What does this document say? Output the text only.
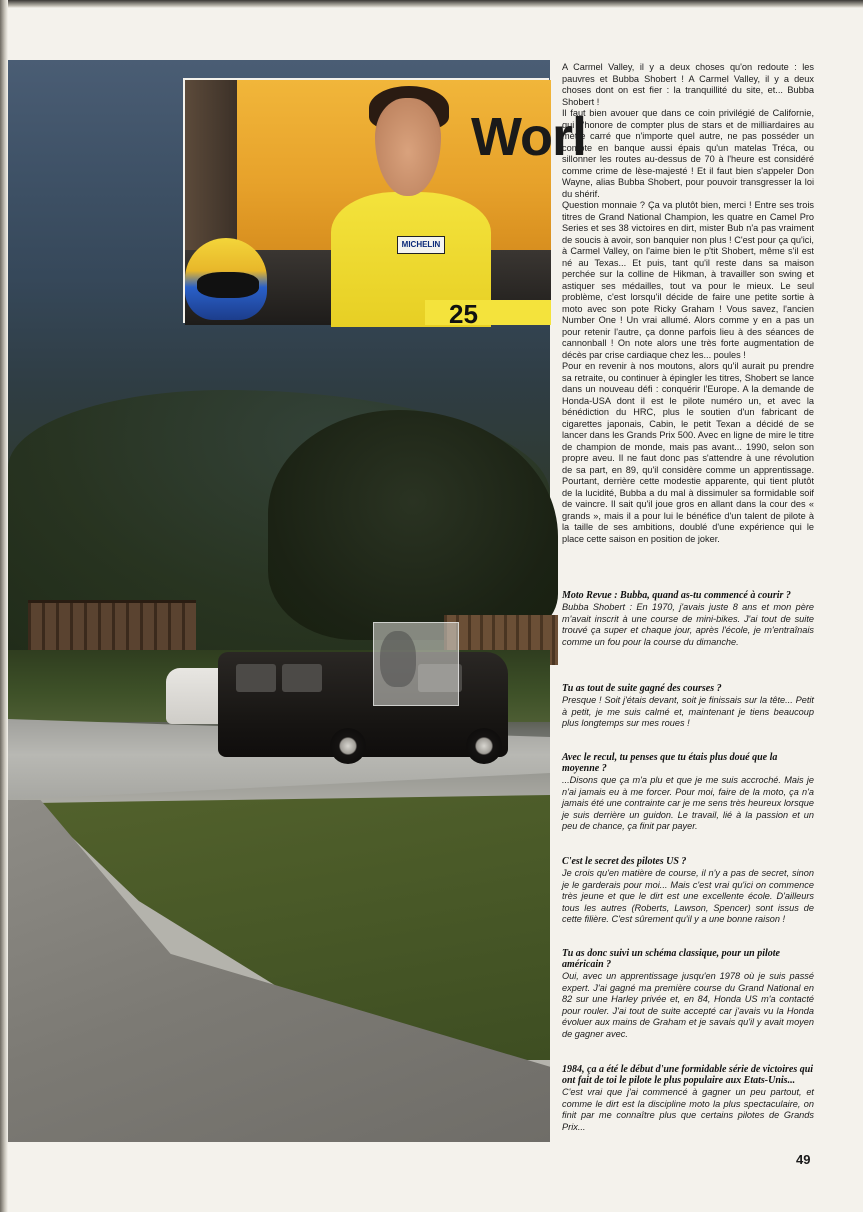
Worl
MICHELIN
25

A Carmel Valley, il y a deux choses qu'on redoute : les pauvres et Bubba Shobert ! A Carmel Valley, il y a deux choses dont on est fier : la tranquillité du site, et... Bubba Shobert !

Il faut bien avouer que dans ce coin privilégié de Californie, qui s'honore de compter plus de stars et de milliardaires au mètre carré que n'importe quel autre, ne pas posséder un compte en banque aussi épais qu'un matelas Tréca, ou sillonner les routes au-dessus de 70 à l'heure est considéré comme crime de lèse-majesté ! Et il faut bien s'appeler Don Wayne, alias Bubba Shobert, pour pouvoir transgresser la loi du shérif.

Question monnaie ? Ça va plutôt bien, merci ! Entre ses trois titres de Grand National Champion, les quatre en Camel Pro Series et ses 38 victoires en dirt, mister Bub n'a pas vraiment de soucis à avoir, son banquier non plus ! C'est pour ça qu'ici, à Carmel Valley, on l'aime bien le p'tit Shobert, même s'il est né au Texas... Et puis, tant qu'il reste dans sa maison perchée sur la colline de Hikman, à travailler son swing et astiquer ses médailles, tout va pour le mieux. Le seul problème, c'est lorsqu'il décide de faire une petite sortie à moto avec son pote Ricky Graham ! Vous savez, l'ancien Number One ! Un vrai allumé. Alors comme y en a pas un pour retenir l'autre, ça donne parfois lieu à des séances de cannonball ! On note alors une très forte augmentation de décès par crise cardiaque chez les... poules !

Pour en revenir à nos moutons, alors qu'il aurait pu prendre sa retraite, ou continuer à épingler les titres, Shobert se lance dans un nouveau défi : conquérir l'Europe. A la demande de Honda-USA dont il est le pilote numéro un, et avec la bénédiction du HRC, plus le soutien d'un fabricant de cigarettes japonais, Cabin, le petit Texan a décidé de se lancer dans les Grands Prix 500. Avec en ligne de mire le titre de champion de monde, mais pas avant... 1990, selon son propre aveu. Il ne faut donc pas s'attendre à une révolution de sa part, en 89, qu'il considère comme un apprentissage. Pourtant, derrière cette modestie apparente, qui tient plutôt de la lucidité, Bubba a du mal à dissimuler sa formidable soif de vaincre. Il sait qu'il joue gros en allant dans la cour des « grands », mais il a pour lui le bénéfice d'un talent de pilote à la taille de ses ambitions, doublé d'une expérience qui le place cette saison en position de joker.

Moto Revue : Bubba, quand as-tu commencé à courir ?

Bubba Shobert : En 1970, j'avais juste 8 ans et mon père m'avait inscrit à une course de mini-bikes. J'ai tout de suite trouvé ça super et chaque jour, après l'école, je m'entraînais comme un fou pour la course du dimanche.

Tu as tout de suite gagné des courses ?

Presque ! Soit j'étais devant, soit je finissais sur la tête... Petit à petit, je me suis calmé et, maintenant je tiens beaucoup plus longtemps sur mes roues !

Avec le recul, tu penses que tu étais plus doué que la moyenne ?

...Disons que ça m'a plu et que je me suis accroché. Mais je n'ai jamais eu à me forcer. Pour moi, faire de la moto, ça n'a jamais été une contrainte car je me sens très heureux lorsque je suis derrière un guidon. Le travail, lié à la passion et un peu de chance, ça finit par payer.

C'est le secret des pilotes US ?

Je crois qu'en matière de course, il n'y a pas de secret, sinon je le garderais pour moi... Mais c'est vrai qu'ici on commence très jeune et que le dirt est une excellente école. D'ailleurs tous les autres (Roberts, Lawson, Spencer) sont issus de cette filière. C'est sûrement qu'il y a une bonne raison !

Tu as donc suivi un schéma classique, pour un pilote américain ?

Oui, avec un apprentissage jusqu'en 1978 où je suis passé expert. J'ai gagné ma première course du Grand National en 82 sur une Harley privée et, en 84, Honda US m'a contacté pour rouler. J'ai tout de suite accepté car j'avais vu la Honda évoluer aux mains de Graham et je savais qu'il y avait moyen de gagner avec.

1984, ça a été le début d'une formidable série de victoires qui ont fait de toi le pilote le plus populaire aux Etats-Unis...

C'est vrai que j'ai commencé à gagner un peu partout, et comme le dirt est la discipline moto la plus spectaculaire, on finit par me connaître plus que certains pilotes de Grands Prix...

49
